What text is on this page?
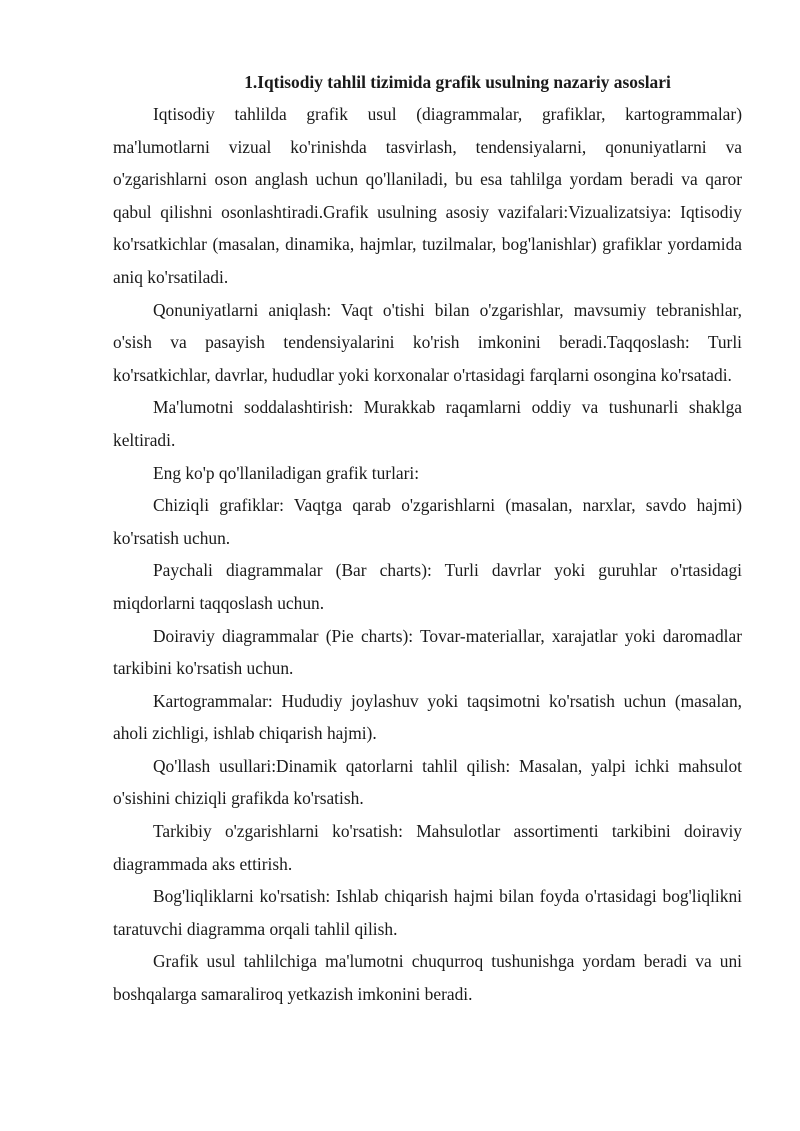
1.Iqtisodiy tahlil tizimida grafik usulning nazariy asoslari

Iqtisodiy tahlilda grafik usul (diagrammalar, grafiklar, kartogrammalar) ma'lumotlarni vizual ko'rinishda tasvirlash, tendensiyalarni, qonuniyatlarni va o'zgarishlarni oson anglash uchun qo'llaniladi, bu esa tahlilga yordam beradi va qaror qabul qilishni osonlashtiradi.Grafik usulning asosiy vazifalari:Vizualizatsiya: Iqtisodiy ko'rsatkichlar (masalan, dinamika, hajmlar, tuzilmalar, bog'lanishlar) grafiklar yordamida aniq ko'rsatiladi.

Qonuniyatlarni aniqlash: Vaqt o'tishi bilan o'zgarishlar, mavsumiy tebranishlar, o'sish va pasayish tendensiyalarini ko'rish imkonini beradi.Taqqoslash: Turli ko'rsatkichlar, davrlar, hududlar yoki korxonalar o'rtasidagi farqlarni osongina ko'rsatadi.

Ma'lumotni soddalashtirish: Murakkab raqamlarni oddiy va tushunarli shaklga keltiradi.

Eng ko'p qo'llaniladigan grafik turlari:

Chiziqli grafiklar: Vaqtga qarab o'zgarishlarni (masalan, narxlar, savdo hajmi) ko'rsatish uchun.

Paychali diagrammalar (Bar charts): Turli davrlar yoki guruhlar o'rtasidagi miqdorlarni taqqoslash uchun.

Doiraviy diagrammalar (Pie charts): Tovar-materiallar, xarajatlar yoki daromadlar tarkibini ko'rsatish uchun.

Kartogrammalar: Hududiy joylashuv yoki taqsimotni ko'rsatish uchun (masalan, aholi zichligi, ishlab chiqarish hajmi).

Qo'llash usullari:Dinamik qatorlarni tahlil qilish: Masalan, yalpi ichki mahsulot o'sishini chiziqli grafikda ko'rsatish.

Tarkibiy o'zgarishlarni ko'rsatish: Mahsulotlar assortimenti tarkibini doiraviy diagrammada aks ettirish.

Bog'liqliklarni ko'rsatish: Ishlab chiqarish hajmi bilan foyda o'rtasidagi bog'liqlikni taratuvchi diagramma orqali tahlil qilish.

Grafik usul tahlilchiga ma'lumotni chuqurroq tushunishga yordam beradi va uni boshqalarga samaraliroq yetkazish imkonini beradi.
